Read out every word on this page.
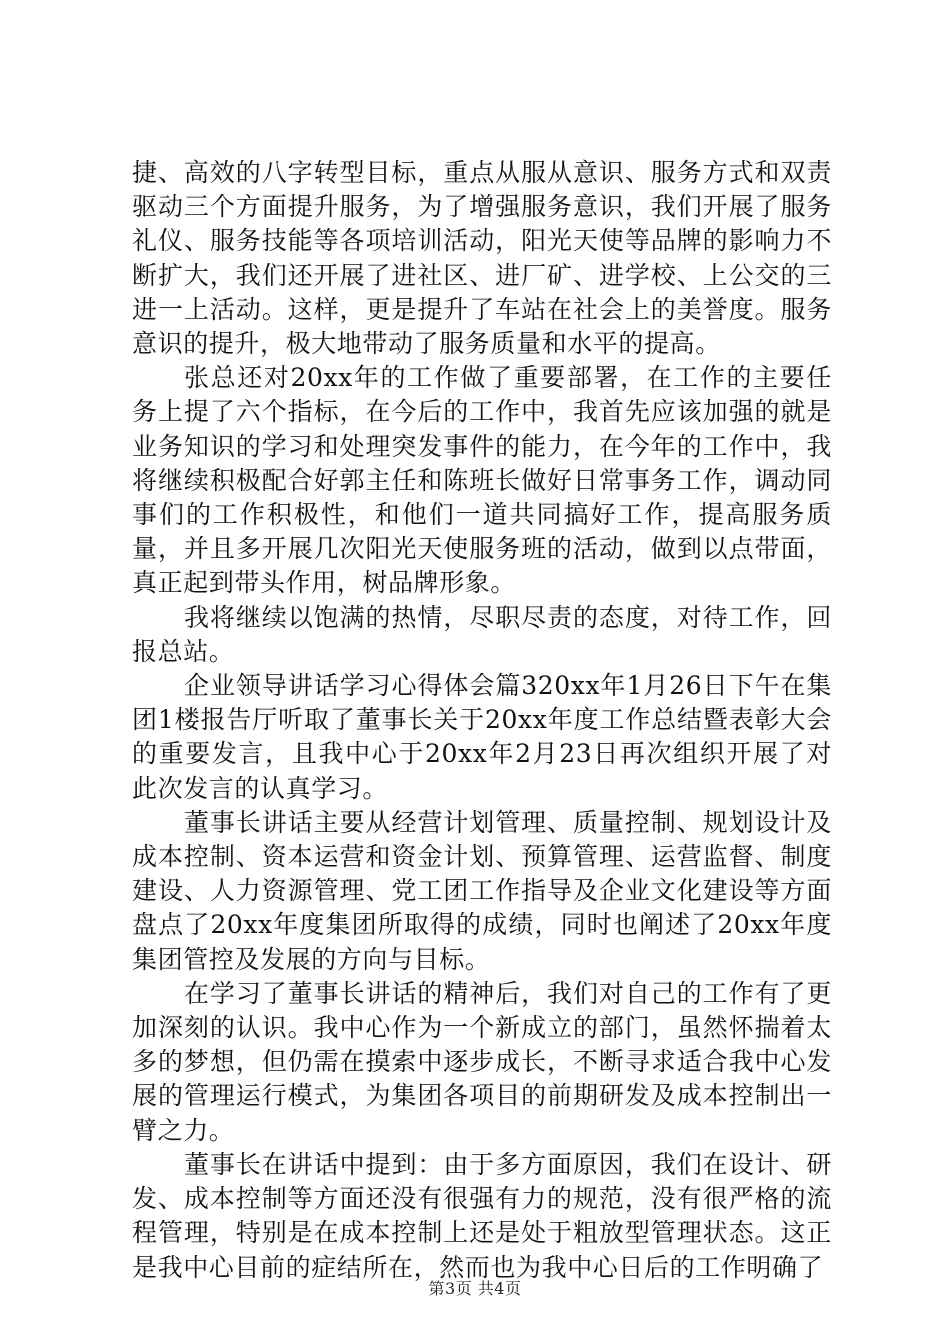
捷、高效的八字转型目标，重点从服从意识、服务方式和双责驱动三个方面提升服务，为了增强服务意识，我们开展了服务礼仪、服务技能等各项培训活动，阳光天使等品牌的影响力不断扩大，我们还开展了进社区、进厂矿、进学校、上公交的三进一上活动。这样，更是提升了车站在社会上的美誉度。服务意识的提升，极大地带动了服务质量和水平的提高。

张总还对20xx年的工作做了重要部署，在工作的主要任务上提了六个指标，在今后的工作中，我首先应该加强的就是业务知识的学习和处理突发事件的能力，在今年的工作中，我将继续积极配合好郭主任和陈班长做好日常事务工作，调动同事们的工作积极性，和他们一道共同搞好工作，提高服务质量，并且多开展几次阳光天使服务班的活动，做到以点带面，真正起到带头作用，树品牌形象。

我将继续以饱满的热情，尽职尽责的态度，对待工作，回报总站。

企业领导讲话学习心得体会篇320xx年1月26日下午在集团1楼报告厅听取了董事长关于20xx年度工作总结暨表彰大会的重要发言，且我中心于20xx年2月23日再次组织开展了对此次发言的认真学习。

董事长讲话主要从经营计划管理、质量控制、规划设计及成本控制、资本运营和资金计划、预算管理、运营监督、制度建设、人力资源管理、党工团工作指导及企业文化建设等方面盘点了20xx年度集团所取得的成绩，同时也阐述了20xx年度集团管控及发展的方向与目标。

在学习了董事长讲话的精神后，我们对自己的工作有了更加深刻的认识。我中心作为一个新成立的部门，虽然怀揣着太多的梦想，但仍需在摸索中逐步成长，不断寻求适合我中心发展的管理运行模式，为集团各项目的前期研发及成本控制出一臂之力。

董事长在讲话中提到：由于多方面原因，我们在设计、研发、成本控制等方面还没有很强有力的规范，没有很严格的流程管理，特别是在成本控制上还是处于粗放型管理状态。这正是我中心目前的症结所在，然而也为我中心日后的工作明确了

第3页 共4页
